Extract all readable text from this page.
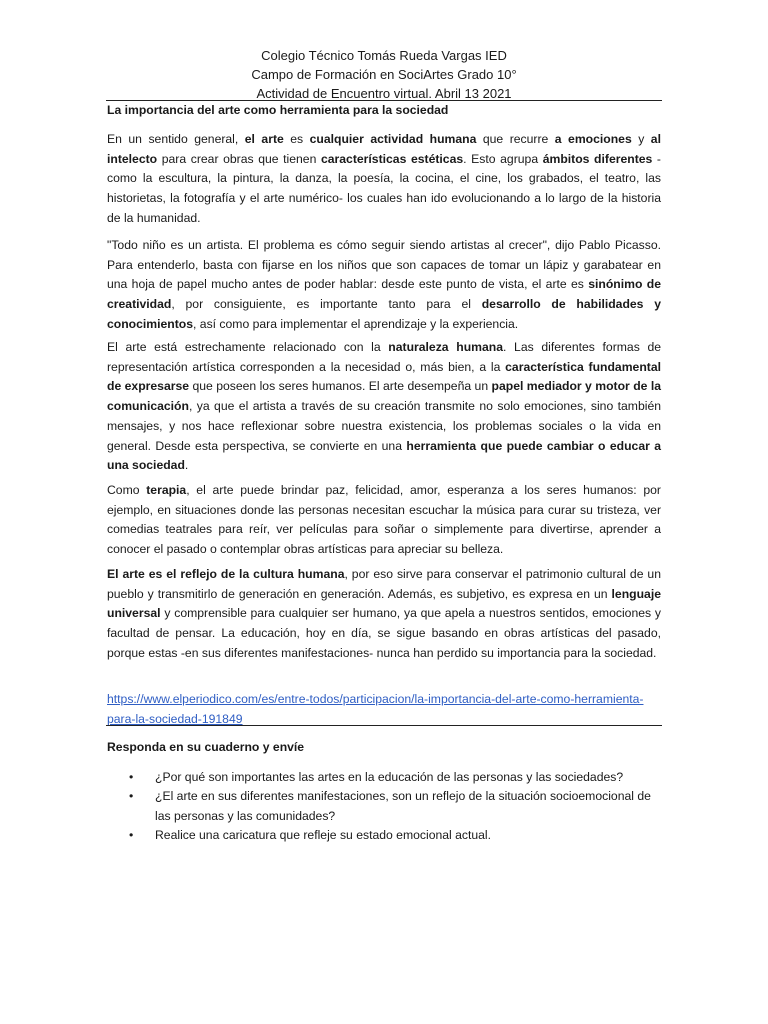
Colegio Técnico Tomás Rueda Vargas IED
Campo de Formación en SociArtes Grado 10°
Actividad de Encuentro virtual. Abril 13 2021
La importancia del arte como herramienta para la sociedad
En un sentido general, el arte es cualquier actividad humana que recurre a emociones y al intelecto para crear obras que tienen características estéticas. Esto agrupa ámbitos diferentes - como la escultura, la pintura, la danza, la poesía, la cocina, el cine, los grabados, el teatro, las historietas, la fotografía y el arte numérico- los cuales han ido evolucionando a lo largo de la historia de la humanidad.
"Todo niño es un artista. El problema es cómo seguir siendo artistas al crecer", dijo Pablo Picasso. Para entenderlo, basta con fijarse en los niños que son capaces de tomar un lápiz y garabatear en una hoja de papel mucho antes de poder hablar: desde este punto de vista, el arte es sinónimo de creatividad, por consiguiente, es importante tanto para el desarrollo de habilidades y conocimientos, así como para implementar el aprendizaje y la experiencia.
El arte está estrechamente relacionado con la naturaleza humana. Las diferentes formas de representación artística corresponden a la necesidad o, más bien, a la característica fundamental de expresarse que poseen los seres humanos. El arte desempeña un papel mediador y motor de la comunicación, ya que el artista a través de su creación transmite no solo emociones, sino también mensajes, y nos hace reflexionar sobre nuestra existencia, los problemas sociales o la vida en general. Desde esta perspectiva, se convierte en una herramienta que puede cambiar o educar a una sociedad.
Como terapia, el arte puede brindar paz, felicidad, amor, esperanza a los seres humanos: por ejemplo, en situaciones donde las personas necesitan escuchar la música para curar su tristeza, ver comedias teatrales para reír, ver películas para soñar o simplemente para divertirse, aprender a conocer el pasado o contemplar obras artísticas para apreciar su belleza.
El arte es el reflejo de la cultura humana, por eso sirve para conservar el patrimonio cultural de un pueblo y transmitirlo de generación en generación. Además, es subjetivo, es expresa en un lenguaje universal y comprensible para cualquier ser humano, ya que apela a nuestros sentidos, emociones y facultad de pensar. La educación, hoy en día, se sigue basando en obras artísticas del pasado, porque estas -en sus diferentes manifestaciones- nunca han perdido su importancia para la sociedad.
https://www.elperiodico.com/es/entre-todos/participacion/la-importancia-del-arte-como-herramienta-para-la-sociedad-191849
Responda en su cuaderno y envíe
• ¿Por qué son importantes las artes en la educación de las personas y las sociedades?
• ¿El arte en sus diferentes manifestaciones, son un reflejo de la situación socioemocional de las personas y las comunidades?
• Realice una caricatura que refleje su estado emocional actual.
